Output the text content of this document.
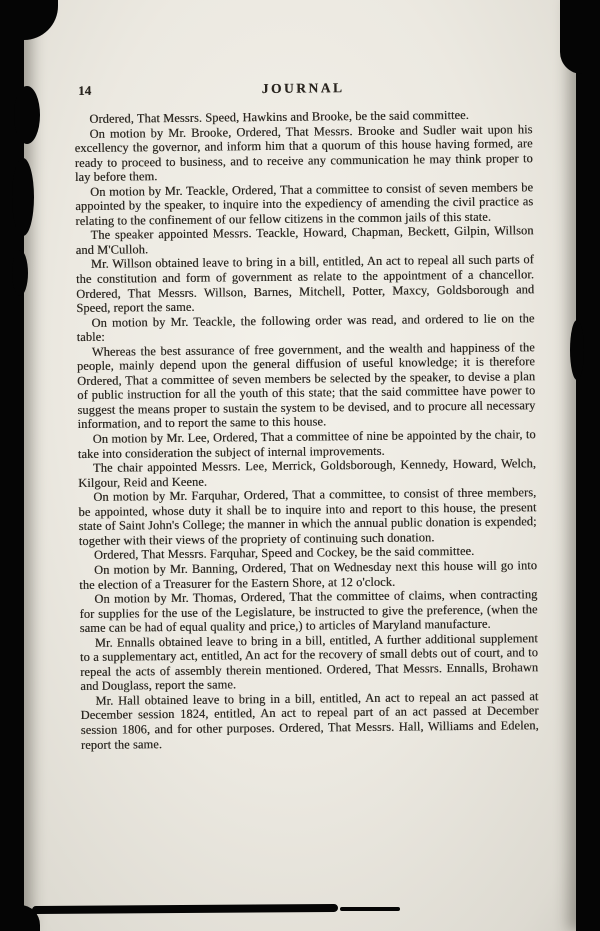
14	JOURNAL

Ordered, That Messrs. Speed, Hawkins and Brooke, be the said committee.

On motion by Mr. Brooke, Ordered, That Messrs. Brooke and Sudler wait upon his excellency the governor, and inform him that a quorum of this house having formed, are ready to proceed to business, and to receive any communication he may think proper to lay before them.

On motion by Mr. Teackle, Ordered, That a committee to consist of seven members be appointed by the speaker, to inquire into the expediency of amending the civil practice as relating to the confinement of our fellow citizens in the common jails of this state.

The speaker appointed Messrs. Teackle, Howard, Chapman, Beckett, Gilpin, Willson and M'Culloh.

Mr. Willson obtained leave to bring in a bill, entitled, An act to repeal all such parts of the constitution and form of government as relate to the appointment of a chancellor. Ordered, That Messrs. Willson, Barnes, Mitchell, Potter, Maxcy, Goldsborough and Speed, report the same.

On motion by Mr. Teackle, the following order was read, and ordered to lie on the table:

Whereas the best assurance of free government, and the wealth and happiness of the people, mainly depend upon the general diffusion of useful knowledge; it is therefore Ordered, That a committee of seven members be selected by the speaker, to devise a plan of public instruction for all the youth of this state; that the said committee have power to suggest the means proper to sustain the system to be devised, and to procure all necessary information, and to report the same to this house.

On motion by Mr. Lee, Ordered, That a committee of nine be appointed by the chair, to take into consideration the subject of internal improvements.

The chair appointed Messrs. Lee, Merrick, Goldsborough, Kennedy, Howard, Welch, Kilgour, Reid and Keene.

On motion by Mr. Farquhar, Ordered, That a committee, to consist of three members, be appointed, whose duty it shall be to inquire into and report to this house, the present state of Saint John's College; the manner in which the annual public donation is expended; together with their views of the propriety of continuing such donation.

Ordered, That Messrs. Farquhar, Speed and Cockey, be the said committee.

On motion by Mr. Banning, Ordered, That on Wednesday next this house will go into the election of a Treasurer for the Eastern Shore, at 12 o'clock.

On motion by Mr. Thomas, Ordered, That the committee of claims, when contracting for supplies for the use of the Legislature, be instructed to give the preference, (when the same can be had of equal quality and price,) to articles of Maryland manufacture.

Mr. Ennalls obtained leave to bring in a bill, entitled, A further additional supplement to a supplementary act, entitled, An act for the recovery of small debts out of court, and to repeal the acts of assembly therein mentioned. Ordered, That Messrs. Ennalls, Brohawn and Douglass, report the same.

Mr. Hall obtained leave to bring in a bill, entitled, An act to repeal an act passed at December session 1824, entitled, An act to repeal part of an act passed at December session 1806, and for other purposes. Ordered, That Messrs. Hall, Williams and Edelen, report the same.
